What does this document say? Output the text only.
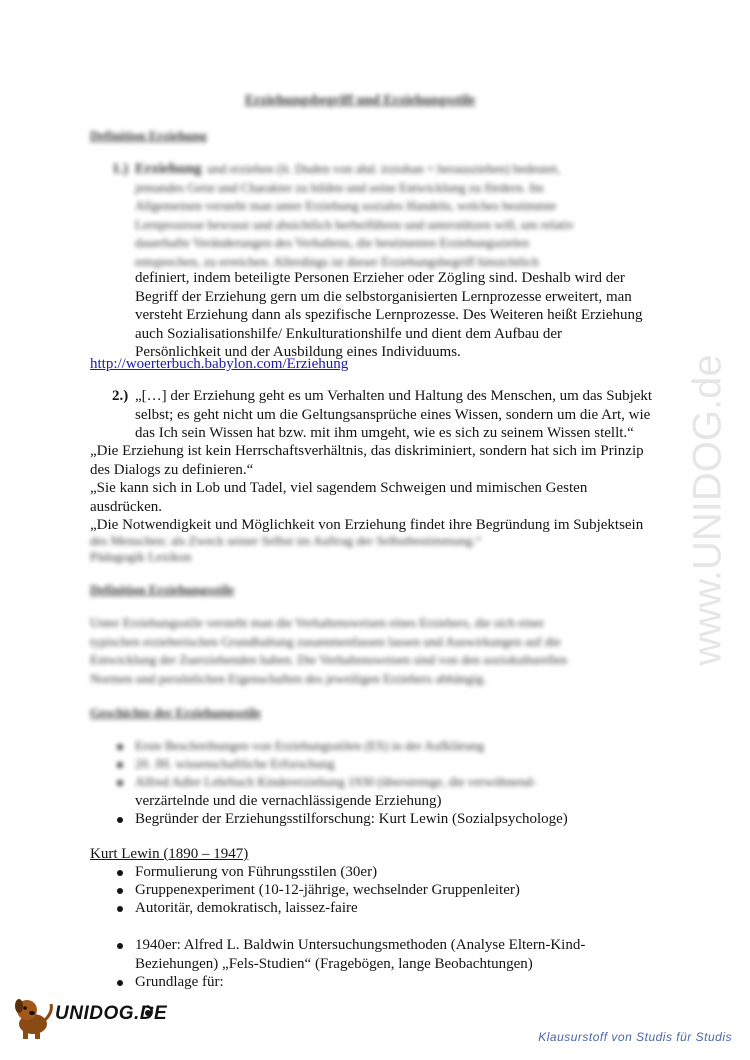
Erziehungsbegriff und Erziehungsstile
Definition Erziehung
1.) Erziehung und erziehen (lt. Duden von ahd. irziohan = herausziehen) bedeutet,
jemandes Geist und Charakter zu bilden und seine Entwicklung zu fördern. Im
Allgemeinen versteht man unter Erziehung soziales Handeln, welches bestimmte
Lernprozesse bewusst und absichtlich herbeiführen und unterstützen will, um relativ
dauerhafte Veränderungen des Verhaltens, die bestimmten Erziehungszielen
entsprechen, zu erreichen. Allerdings ist dieser Erziehungsbegriff hinsichtlich
definiert, indem beteiligte Personen Erzieher oder Zögling sind. Deshalb wird der
Begriff der Erziehung gern um die selbstorganisierten Lernprozesse erweitert, man
versteht Erziehung dann als spezifische Lernprozesse. Des Weiteren heißt Erziehung
auch Sozialisationshilfe/ Enkulturationshilfe und dient dem Aufbau der
Persönlichkeit und der Ausbildung eines Individuums.
http://woerterbuch.babylon.com/Erziehung
2.) „[…] der Erziehung geht es um Verhalten und Haltung des Menschen, um das Subjekt
selbst; es geht nicht um die Geltungsansprüche eines Wissen, sondern um die Art, wie
das Ich sein Wissen hat bzw. mit ihm umgeht, wie es sich zu seinem Wissen stellt.“
„Die Erziehung ist kein Herrschaftsverhältnis, das diskriminiert, sondern hat sich im Prinzip
des Dialogs zu definieren.“
„Sie kann sich in Lob und Tadel, viel sagendem Schweigen und mimischen Gesten
ausdrücken.
„Die Notwendigkeit und Möglichkeit von Erziehung findet ihre Begründung im Subjektsein
des Menschen: als Zweck seiner Selbst im Auftrag der Selbstbestimmung.“
Pädagogik Lexikon
Definition Erziehungsstile
Unter Erziehungsstile versteht man die Verhaltensweisen eines Erziehers, die sich einer
typischen erzieherischen Grundhaltung zusammenfassen lassen und Auswirkungen auf die
Entwicklung der Zuerziehenden haben. Die Verhaltensweisen sind von den soziokulturellen
Normen und persönlichen Eigenschaften des jeweiligen Erziehers abhängig.
Geschichte der Erziehungsstile
Erste Beschreibungen von Erziehungsstilen (ES) in der Aufklärung
20. JH. wissenschaftliche Erforschung
Alfred Adler Lehrbuch Kindererziehung 1930 (überstrenge, die verwöhnend-
verzärtelnde und die vernachlässigende Erziehung)
Begründer der Erziehungsstilforschung: Kurt Lewin (Sozialpsychologe)
Kurt Lewin (1890 – 1947)
Formulierung von Führungsstilen (30er)
Gruppenexperiment (10-12-jährige, wechselnder Gruppenleiter)
Autoritär, demokratisch, laissez-faire
1940er: Alfred L. Baldwin Untersuchungsmethoden (Analyse Eltern-Kind-
Beziehungen) „Fels-Studien“ (Fragebögen, lange Beobachtungen)
Grundlage für:
www.UNIDOG.de
UNIDOG.DE
Klausurstoff von Studis für Studis
